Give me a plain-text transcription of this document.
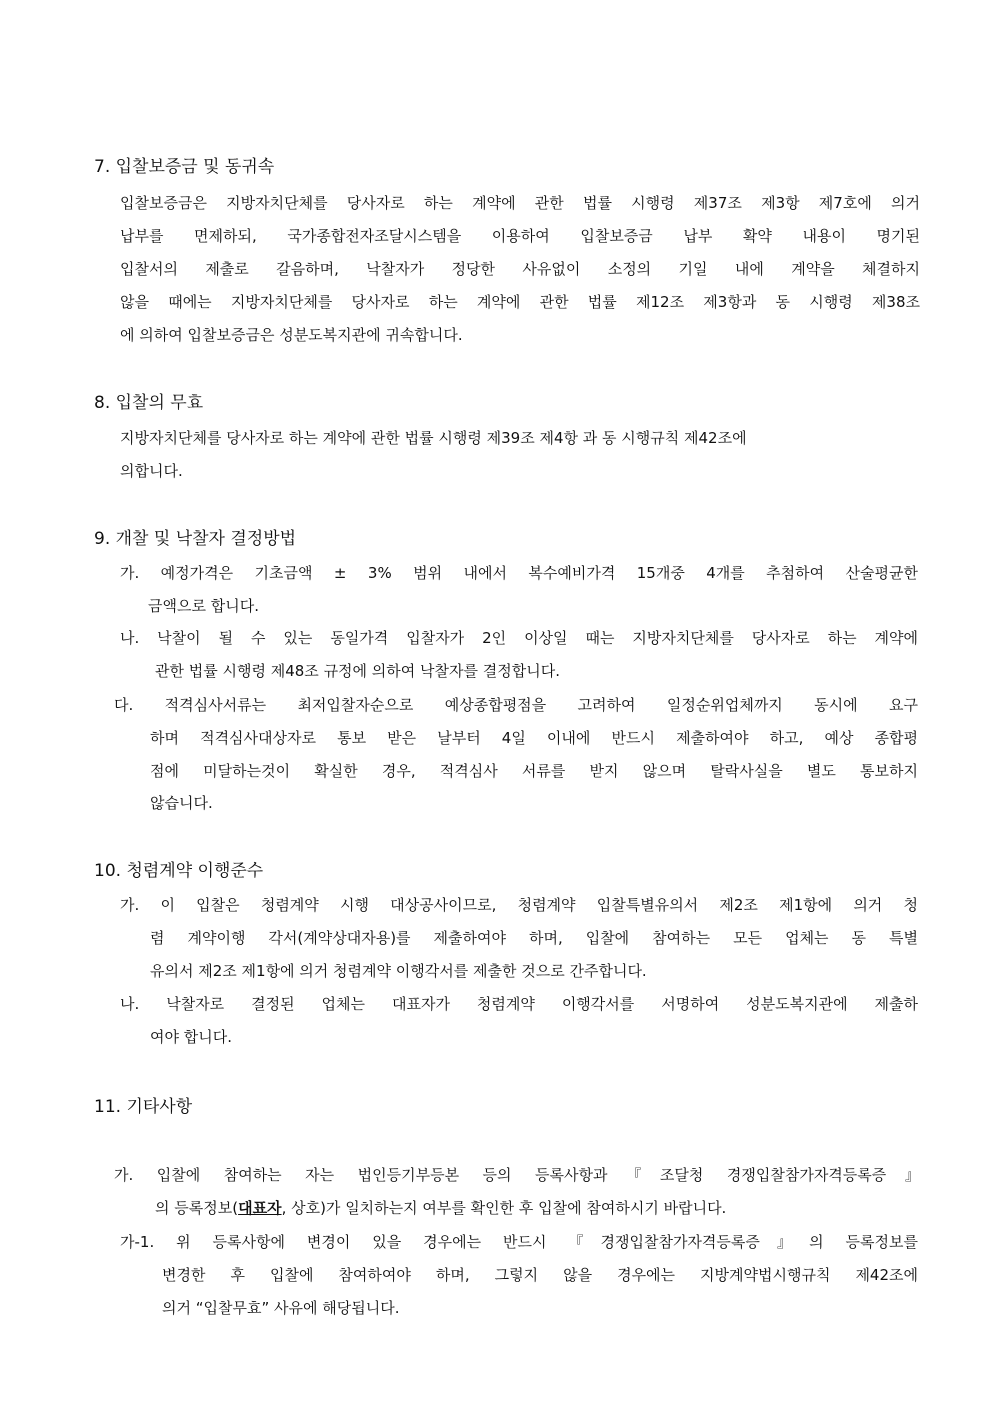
7. 입찰보증금 및 동귀속

입찰보증금은 지방자치단체를 당사자로 하는 계약에 관한 법률 시행령 제37조 제3항 제7호에 의거

납부를 면제하되, 국가종합전자조달시스템을 이용하여 입찰보증금 납부 확약 내용이 명기된

입찰서의 제출로 갈음하며, 낙찰자가 정당한 사유없이 소정의 기일 내에 계약을 체결하지

않을 때에는 지방자치단체를 당사자로 하는 계약에 관한 법률 제12조 제3항과 동 시행령 제38조

에 의하여 입찰보증금은 성분도복지관에 귀속합니다.

8. 입찰의 무효

지방자치단체를 당사자로 하는 계약에 관한 법률 시행령 제39조 제4항 과 동 시행규칙 제42조에

의합니다.

9. 개찰 및 낙찰자 결정방법

가. 예정가격은 기초금액 ± 3% 범위 내에서 복수예비가격 15개중 4개를 추첨하여 산술평균한

금액으로 합니다.

나. 낙찰이 될 수 있는 동일가격 입찰자가 2인 이상일 때는 지방자치단체를 당사자로 하는 계약에

관한 법률 시행령 제48조 규정에 의하여 낙찰자를 결정합니다.

다. 적격심사서류는 최저입찰자순으로 예상종합평점을 고려하여 일정순위업체까지 동시에 요구

하며 적격심사대상자로 통보 받은 날부터 4일 이내에 반드시 제출하여야 하고, 예상 종합평

점에 미달하는것이 확실한 경우, 적격심사 서류를 받지 않으며 탈락사실을 별도 통보하지

않습니다.

10. 청렴계약 이행준수

가. 이 입찰은 청렴계약 시행 대상공사이므로, 청렴계약 입찰특별유의서 제2조 제1항에 의거 청

렴 계약이행 각서(계약상대자용)를 제출하여야 하며, 입찰에 참여하는 모든 업체는 동 특별

유의서 제2조 제1항에 의거 청렴계약 이행각서를 제출한 것으로 간주합니다.

나. 낙찰자로 결정된 업체는 대표자가 청렴계약 이행각서를 서명하여 성분도복지관에 제출하

여야 합니다.

11. 기타사항

가. 입찰에 참여하는 자는 법인등기부등본 등의 등록사항과『조달청 경쟁입찰참가자격등록증』

의 등록정보(대표자, 상호)가 일치하는지 여부를 확인한 후 입찰에 참여하시기 바랍니다.

가-1. 위 등록사항에 변경이 있을 경우에는 반드시 『경쟁입찰참가자격등록증』의 등록정보를

변경한 후 입찰에 참여하여야 하며, 그렇지 않을 경우에는 지방계약법시행규칙 제42조에

의거 “입찰무효” 사유에 해당됩니다.
